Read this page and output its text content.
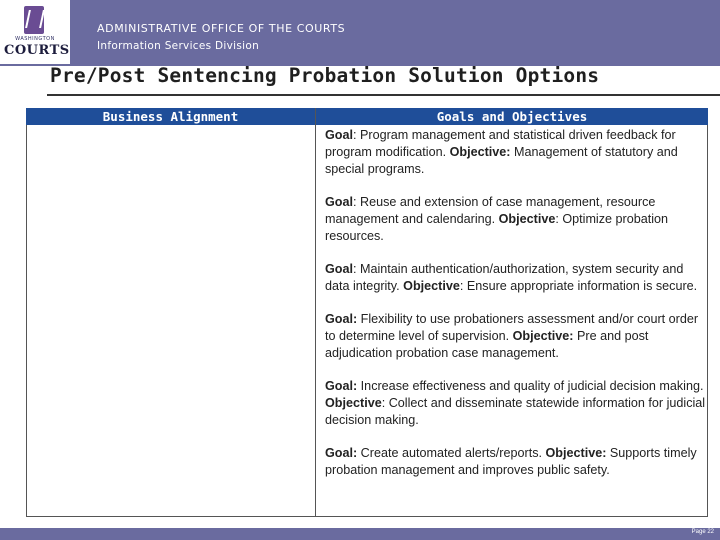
WASHINGTON
COURTS
ADMINISTRATIVE OFFICE OF THE COURTS
Information Services Division
Pre/Post Sentencing Probation Solution Options
Business Alignment	Goals and Objectives
Goal: Program management and statistical driven feedback for program modification. Objective: Management of statutory and special programs.
Goal: Reuse and extension of case management, resource management and calendaring. Objective: Optimize probation resources.
Goal: Maintain authentication/authorization, system security and data integrity. Objective: Ensure appropriate information is secure.
Goal: Flexibility to use probationers assessment and/or court order to determine level of supervision. Objective: Pre and post adjudication probation case management.
Goal: Increase effectiveness and quality of judicial decision making. Objective: Collect and disseminate statewide information for judicial decision making.
Goal: Create automated alerts/reports. Objective: Supports timely probation management and improves public safety.
Page 22
